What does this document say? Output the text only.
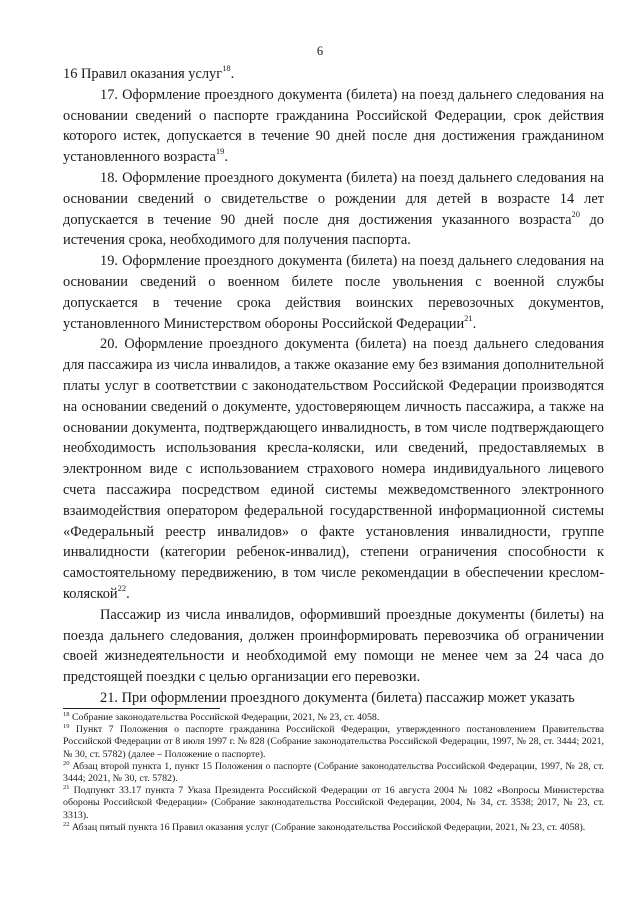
6

16 Правил оказания услуг$^{18}$.

17. Оформление проездного документа (билета) на поезд дальнего следования на основании сведений о паспорте гражданина Российской Федерации, срок действия которого истек, допускается в течение 90 дней после дня достижения гражданином установленного возраста$^{19}$.

18. Оформление проездного документа (билета) на поезд дальнего следования на основании сведений о свидетельстве о рождении для детей в возрасте 14 лет допускается в течение 90 дней после дня достижения указанного возраста$^{20}$ до истечения срока, необходимого для получения паспорта.

19. Оформление проездного документа (билета) на поезд дальнего следования на основании сведений о военном билете после увольнения с военной службы допускается в течение срока действия воинских перевозочных документов, установленного Министерством обороны Российской Федерации$^{21}$.

20. Оформление проездного документа (билета) на поезд дальнего следования для пассажира из числа инвалидов, а также оказание ему без взимания дополнительной платы услуг в соответствии с законодательством Российской Федерации производятся на основании сведений о документе, удостоверяющем личность пассажира, а также на основании документа, подтверждающего инвалидность, в том числе подтверждающего необходимость использования кресла-коляски, или сведений, предоставляемых в электронном виде с использованием страхового номера индивидуального лицевого счета пассажира посредством единой системы межведомственного электронного взаимодействия оператором федеральной государственной информационной системы «Федеральный реестр инвалидов» о факте установления инвалидности, группе инвалидности (категории ребенок-инвалид), степени ограничения способности к самостоятельному передвижению, в том числе рекомендации в обеспечении креслом-коляской$^{22}$.

Пассажир из числа инвалидов, оформивший проездные документы (билеты) на поезда дальнего следования, должен проинформировать перевозчика об ограничении своей жизнедеятельности и необходимой ему помощи не менее чем за 24 часа до предстоящей поездки с целью организации его перевозки.

21. При оформлении проездного документа (билета) пассажир может указать

$^{18}$ Собрание законодательства Российской Федерации, 2021, № 23, ст. 4058.

$^{19}$ Пункт 7 Положения о паспорте гражданина Российской Федерации, утвержденного постановлением Правительства Российской Федерации от 8 июля 1997 г. № 828 (Собрание законодательства Российской Федерации, 1997, № 28, ст. 3444; 2021, № 30, ст. 5782) (далее – Положение о паспорте).

$^{20}$ Абзац второй пункта 1, пункт 15 Положения о паспорте (Собрание законодательства Российской Федерации, 1997, № 28, ст. 3444; 2021, № 30, ст. 5782).

$^{21}$ Подпункт 33.17 пункта 7 Указа Президента Российской Федерации от 16 августа 2004 № 1082 «Вопросы Министерства обороны Российской Федерации» (Собрание законодательства Российской Федерации, 2004, № 34, ст. 3538; 2017, № 23, ст. 3313).

$^{22}$ Абзац пятый пункта 16 Правил оказания услуг (Собрание законодательства Российской Федерации, 2021, № 23, ст. 4058).
